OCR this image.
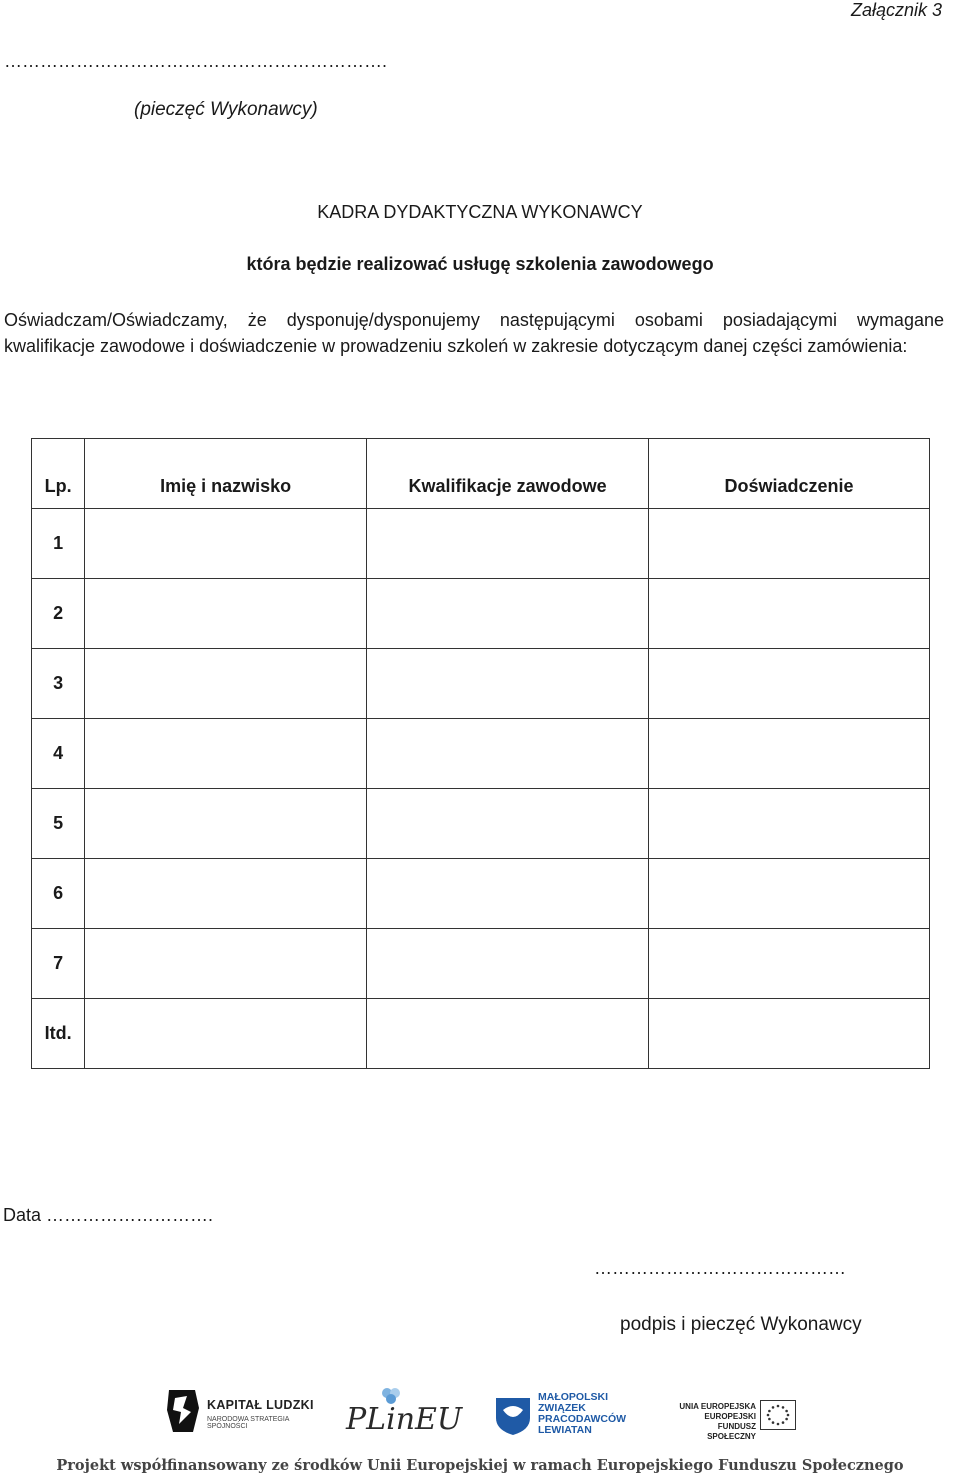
Załącznik 3
……………………………………………………….
(pieczęć Wykonawcy)
KADRA DYDAKTYCZNA WYKONAWCY
która będzie realizować usługę szkolenia zawodowego
Oświadczam/Oświadczamy, że dysponuję/dysponujemy następującymi osobami posiadającymi wymagane kwalifikacje zawodowe i doświadczenie w prowadzeniu szkoleń w zakresie dotyczącym danej części zamówienia:
Lp.	Imię i nazwisko	Kwalifikacje zawodowe	Doświadczenie
1			
2			
3			
4			
5			
6			
7			
Itd.			
Data ……………………….
……………………………………
podpis i pieczęć Wykonawcy
KAPITAŁ LUDZKI
NARODOWA STRATEGIA SPÓJNOŚCI	PLinEU
MAŁOPOLSKI
ZWIĄZEK
PRACODAWCÓW
LEWIATAN
UNIA EUROPEJSKA
EUROPEJSKI
FUNDUSZ SPOŁECZNY
Projekt współfinansowany ze środków Unii Europejskiej w ramach Europejskiego Funduszu Społecznego
